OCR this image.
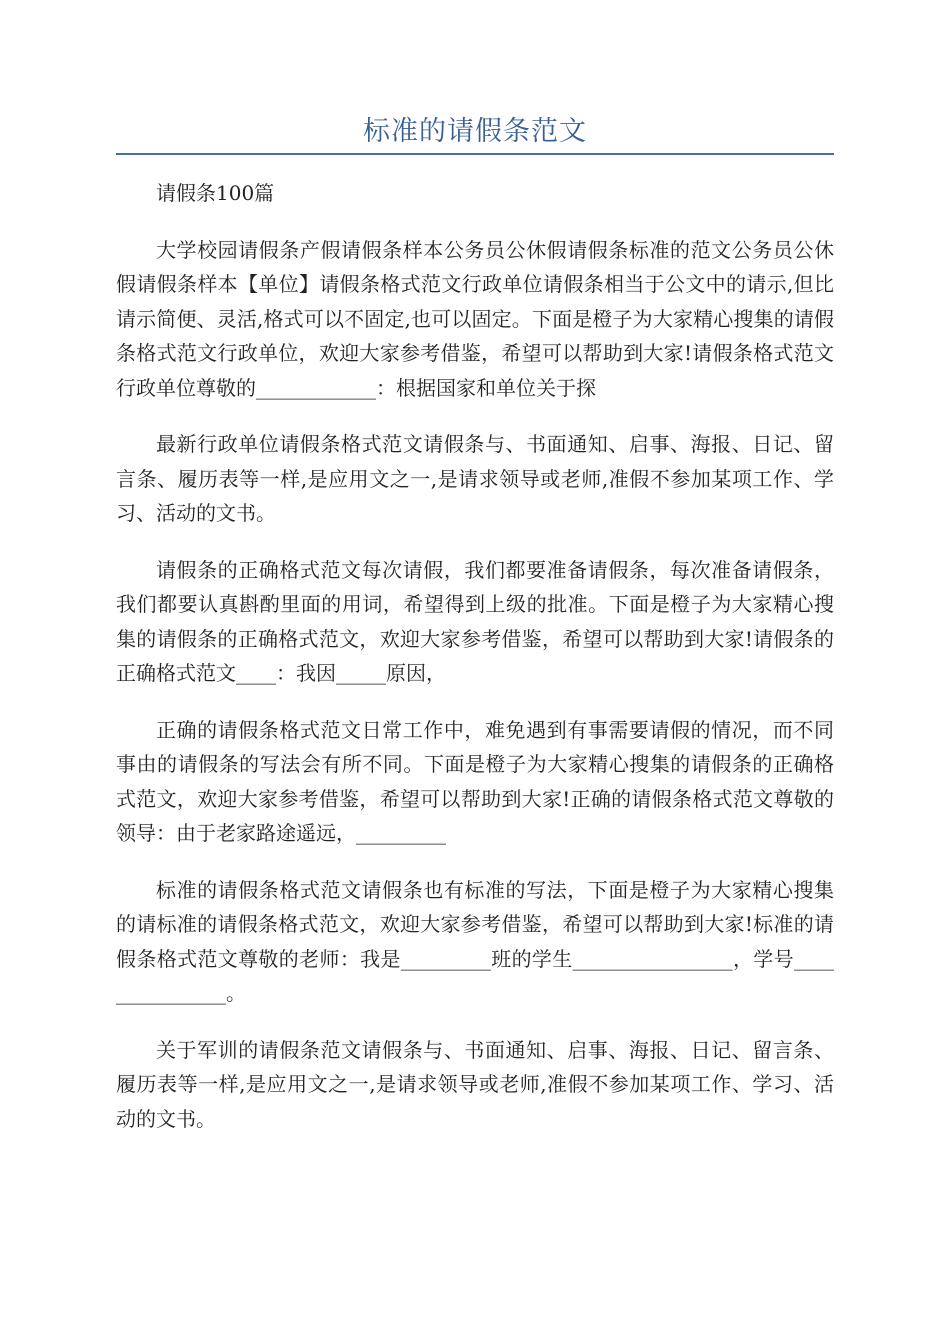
标准的请假条范文

请假条100篇

大学校园请假条产假请假条样本公务员公休假请假条标准的范文公务员公休假请假条样本【单位】请假条格式范文行政单位请假条相当于公文中的请示,但比请示简便、灵活,格式可以不固定,也可以固定。下面是橙子为大家精心搜集的请假条格式范文行政单位，欢迎大家参考借鉴，希望可以帮助到大家!请假条格式范文行政单位尊敬的____________：根据国家和单位关于探

最新行政单位请假条格式范文请假条与、书面通知、启事、海报、日记、留言条、履历表等一样,是应用文之一,是请求领导或老师,准假不参加某项工作、学习、活动的文书。

请假条的正确格式范文每次请假，我们都要准备请假条，每次准备请假条，我们都要认真斟酌里面的用词，希望得到上级的批准。下面是橙子为大家精心搜集的请假条的正确格式范文，欢迎大家参考借鉴，希望可以帮助到大家!请假条的正确格式范文____：我因_____原因，

正确的请假条格式范文日常工作中，难免遇到有事需要请假的情况，而不同事由的请假条的写法会有所不同。下面是橙子为大家精心搜集的请假条的正确格式范文，欢迎大家参考借鉴，希望可以帮助到大家!正确的请假条格式范文尊敬的领导：由于老家路途遥远，_________

标准的请假条格式范文请假条也有标准的写法，下面是橙子为大家精心搜集的请标准的请假条格式范文，欢迎大家参考借鉴，希望可以帮助到大家!标准的请假条格式范文尊敬的老师：我是_________班的学生________________，学号_______________。

关于军训的请假条范文请假条与、书面通知、启事、海报、日记、留言条、履历表等一样,是应用文之一,是请求领导或老师,准假不参加某项工作、学习、活动的文书。
